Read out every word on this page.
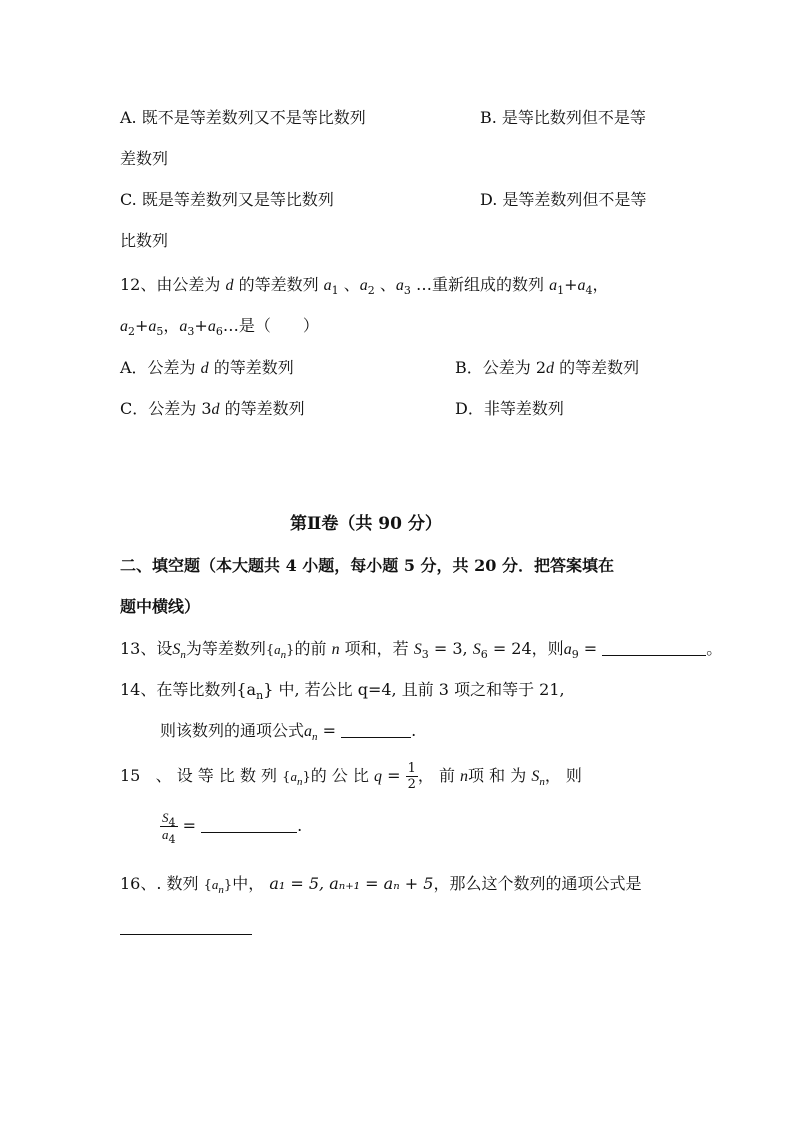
A. 既不是等差数列又不是等比数列	B. 是等比数列但不是等
差数列
C. 既是等差数列又是等比数列	D. 是等差数列但不是等
比数列
12、由公差为 d 的等差数列 $a_1$ 、$a_2$ 、$a_3$ …重新组成的数列 $a_1+a_4$，
$a_2+a_5$，$a_3+a_6\dots$是（　　）
A．公差为 d 的等差数列	B．公差为 2d 的等差数列
C．公差为 3d 的等差数列	D．非等差数列
第Ⅱ卷（共 90 分）
二、填空题（本大题共 4 小题，每小题 5 分，共 20 分．把答案填在
题中横线）
13、设$S_n$为等差数列$\{a_n\}$的前 n 项和，若 $S_3 = 3$, $S_6 = 24$，则$a_9$ =	。
14、在等比数列$\{a_n\}$ 中, 若公比 q=4, 且前 3 项之和等于 21,
则该数列的通项公式$a_n$ =	.
15 、 设 等 比 数 列 $\{a_n\}$的 公 比 $q = \frac{1}{2}$ ， 前 n项 和 为 $S_n$， 则
$\frac{S_4}{a_4}$ =	.
16、. 数列 $\{a_n\}$中， a₁ = 5, aₙ₊₁ = aₙ + 5，那么这个数列的通项公式是
